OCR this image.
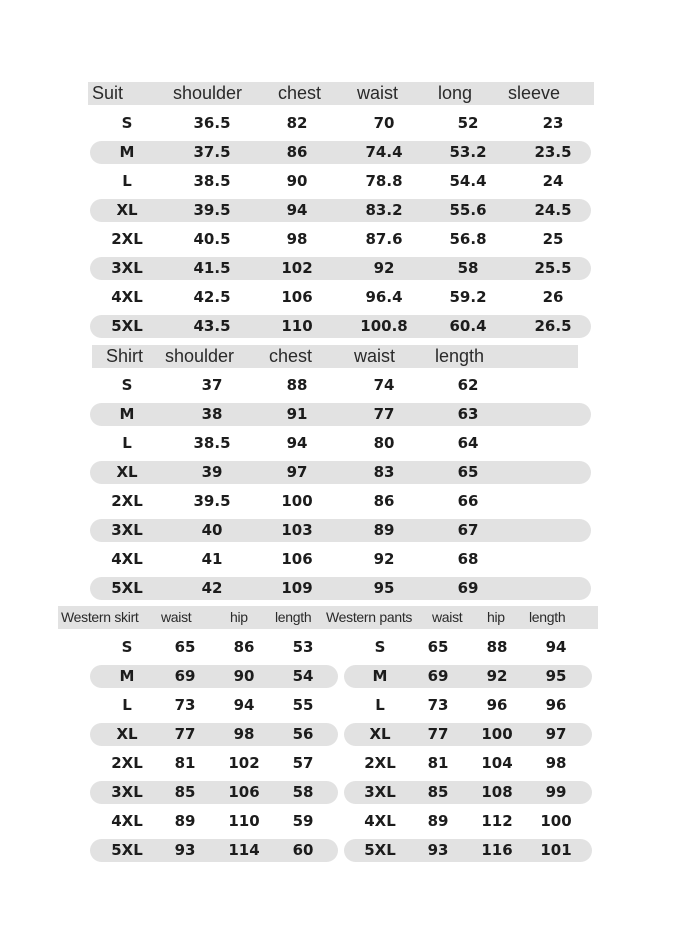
Suit	shoulder chest waist long sleeve
S	36.5	82	70	52	23
M	37.5	86	74.4	53.2	23.5
L	38.5	90	78.8	54.4	24
XL	39.5	94	83.2	55.6	24.5
2XL	40.5	98	87.6	56.8	25
3XL	41.5	102	92	58	25.5
4XL	42.5	106	96.4	59.2	26
5XL	43.5	110	100.8	60.4	26.5
Shirt shoulder chest waist length
S	37	88	74	62
M	38	91	77	63
L	38.5	94	80	64
XL	39	97	83	65
2XL	39.5	100	86	66
3XL	40	103	89	67
4XL	41	106	92	68
5XL	42	109	95	69
Western skirt waist	hip length
S	65	86	53
M	69	90	54
L	73	94	55
XL 77	98	56
2XL 81 102 57
3XL 85 106 58
4XL 89 110 59
5XL 93 114 60
Western pants waist hip length
S	65	88	94
M	69	92	95
L	73	96	96
XL 77 100 97
2XL 81 104 98
3XL 85 108 99
4XL 89 112 100
5XL 93 116 101
